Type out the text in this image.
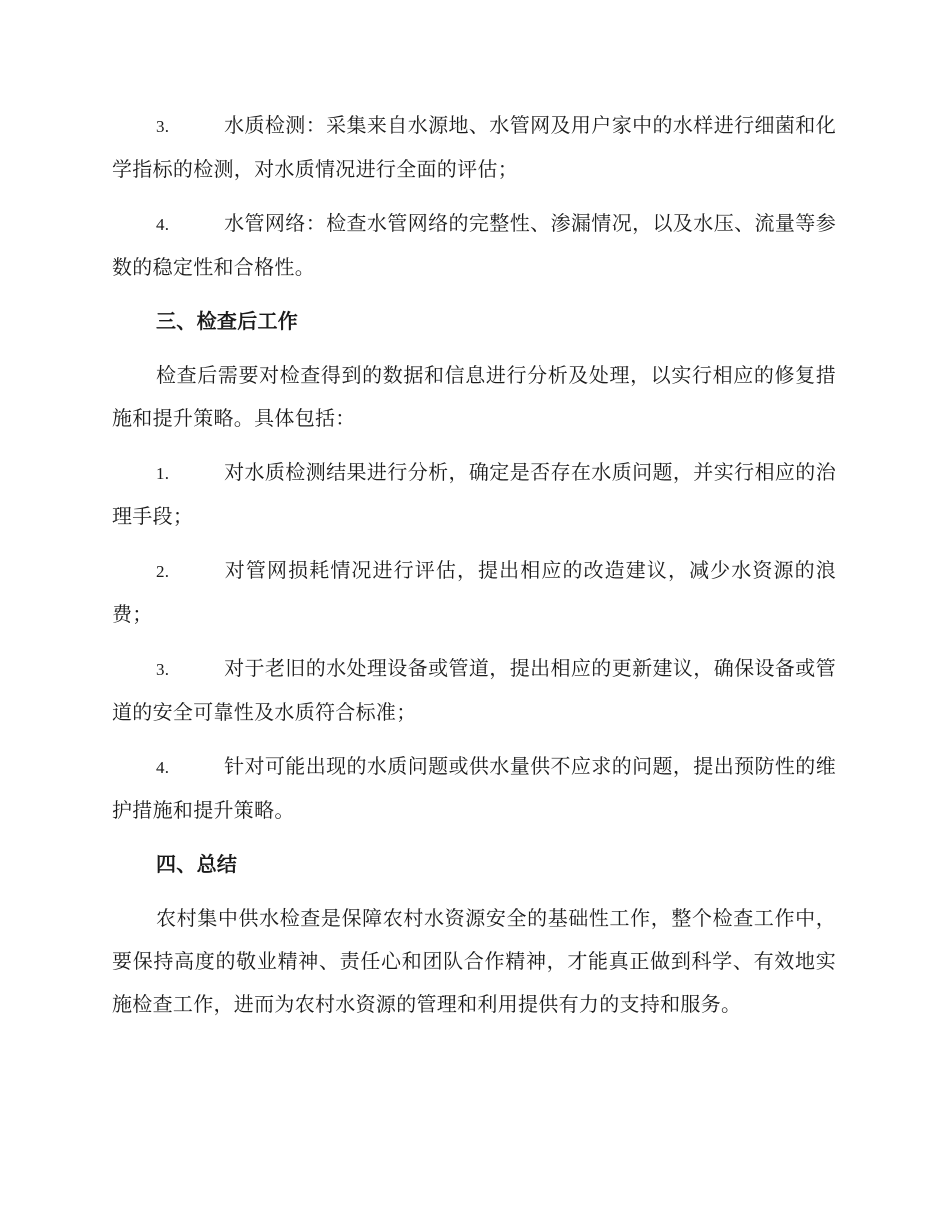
3.	水质检测：采集来自水源地、水管网及用户家中的水样进行细菌和化学指标的检测，对水质情况进行全面的评估；

4.	水管网络：检查水管网络的完整性、渗漏情况，以及水压、流量等参数的稳定性和合格性。

三、检查后工作

检查后需要对检查得到的数据和信息进行分析及处理，以实行相应的修复措施和提升策略。具体包括：

1.	对水质检测结果进行分析，确定是否存在水质问题，并实行相应的治理手段；

2.	对管网损耗情况进行评估，提出相应的改造建议，减少水资源的浪费；

3.	对于老旧的水处理设备或管道，提出相应的更新建议，确保设备或管道的安全可靠性及水质符合标准；

4.	针对可能出现的水质问题或供水量供不应求的问题，提出预防性的维护措施和提升策略。

四、总结

农村集中供水检查是保障农村水资源安全的基础性工作，整个检查工作中，要保持高度的敬业精神、责任心和团队合作精神，才能真正做到科学、有效地实施检查工作，进而为农村水资源的管理和利用提供有力的支持和服务。
